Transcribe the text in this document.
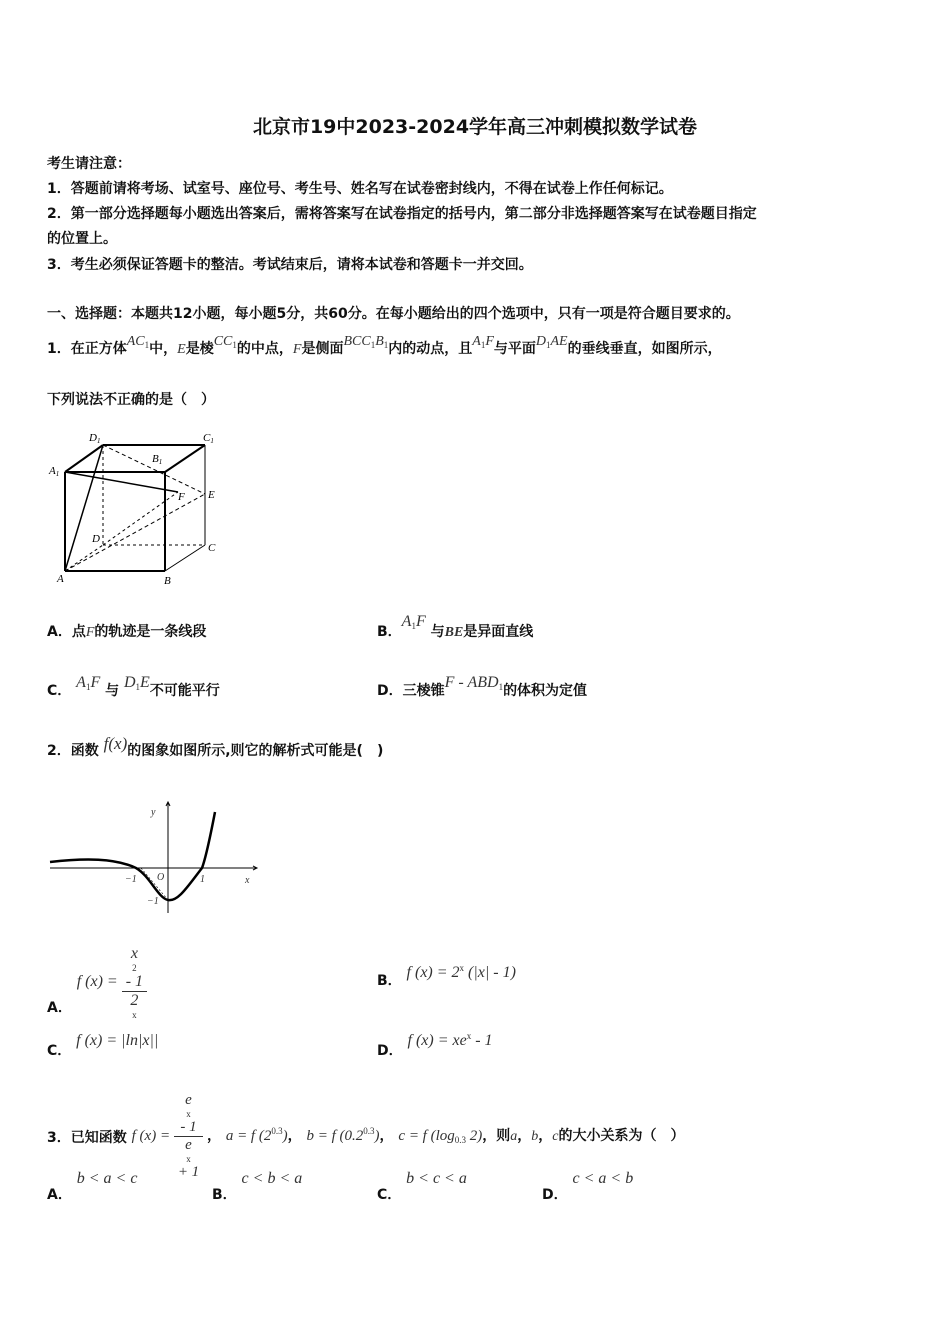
北京市19中2023-2024学年高三冲刺模拟数学试卷
考生请注意：
1．答题前请将考场、试室号、座位号、考生号、姓名写在试卷密封线内，不得在试卷上作任何标记。
2．第一部分选择题每小题选出答案后，需将答案写在试卷指定的括号内，第二部分非选择题答案写在试卷题目指定
的位置上。
3．考生必须保证答题卡的整洁。考试结束后，请将本试卷和答题卡一并交回。
一、选择题：本题共12小题，每小题5分，共60分。在每小题给出的四个选项中，只有一项是符合题目要求的。
1．在正方体$AC_1$中，E是棱$CC_1$的中点，F是侧面$BCC_1B_1$内的动点，且$A_1F$与平面$D_1AE$的垂线垂直，如图所示，
下列说法不正确的是（　）
D1	C1
A1
B1
F E
D
C
A	B
A．点F的轨迹是一条线段	B．$A_1F$ 与BE是异面直线
C． $A_1F$ 与 $D_1E$不可能平行	D．三棱锥F - $ABD_1$的体积为定值
2．函数 f(x)的图象如图所示,则它的解析式可能是(　)
y
x
O
−1	1
−1
A． f (x) = x
2
- 1
2
x	B． f $(x) = 2^x$ (|x| - 1)
C． f (x) = |ln|x||
D． f $(x) = xe^x - 1$
3．已知函数 f (x) = e
x
- 1
e
x
+ 1 ， a = f $(2^{0.3})$， b = f $(0.2^{0.3})$， c = f ($\log_{0.3}$ 2)，则a，b，c的大小关系为（　）
A． b < a < c
B． c < b < a
C． b < c < a
D． c < a < b
